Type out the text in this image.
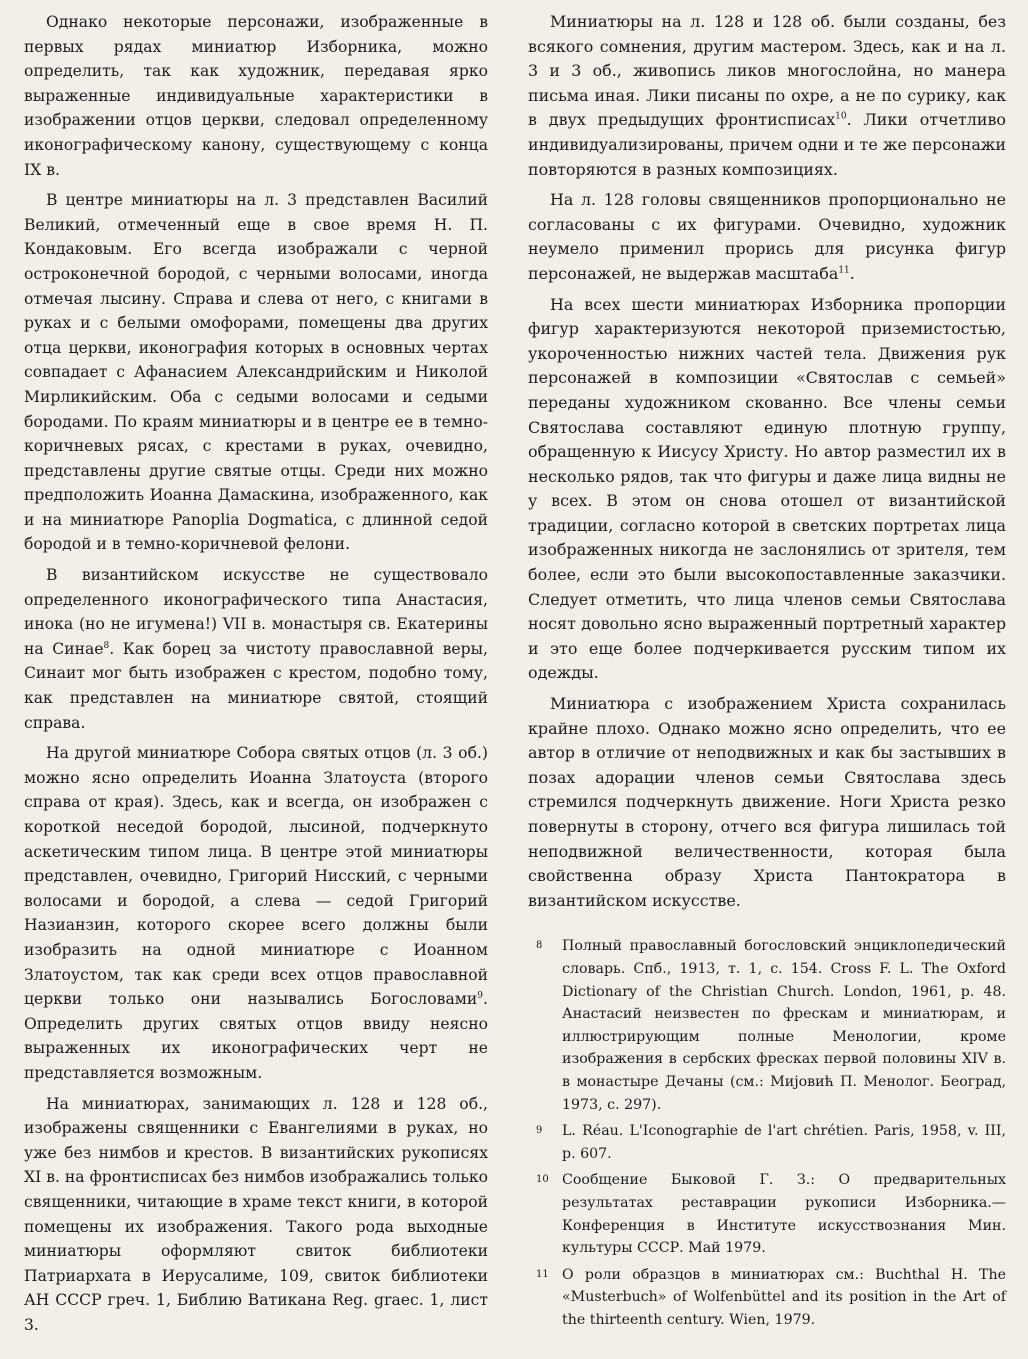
Однако некоторые персонажи, изображенные в первых рядах миниатюр Изборника, можно определить, так как художник, передавая ярко выраженные индивидуальные характеристики в изображении отцов церкви, следовал определенному иконографическому канону, существующему с конца IX в.

В центре миниатюры на л. 3 представлен Василий Великий, отмеченный еще в свое время Н. П. Кондаковым. Его всегда изображали с черной остроконечной бородой, с черными волосами, иногда отмечая лысину. Справа и слева от него, с книгами в руках и с белыми омофорами, помещены два других отца церкви, иконография которых в основных чертах совпадает с Афанасием Александрийским и Николой Мирликийским. Оба с седыми волосами и седыми бородами. По краям миниатюры и в центре ее в темно-коричневых рясах, с крестами в руках, очевидно, представлены другие святые отцы. Среди них можно предположить Иоанна Дамаскина, изображенного, как и на миниатюре Panoplia Dogmatica, с длинной седой бородой и в темно-коричневой фелони.

В византийском искусстве не существовало определенного иконографического типа Анастасия, инока (но не игумена!) VII в. монастыря св. Екатерины на Синае$^8$. Как борец за чистоту православной веры, Синаит мог быть изображен с крестом, подобно тому, как представлен на миниатюре святой, стоящий справа.

На другой миниатюре Собора святых отцов (л. 3 об.) можно ясно определить Иоанна Златоуста (второго справа от края). Здесь, как и всегда, он изображен с короткой неседой бородой, лысиной, подчеркнуто аскетическим типом лица. В центре этой миниатюры представлен, очевидно, Григорий Нисский, с черными волосами и бородой, а слева — седой Григорий Назианзин, которого скорее всего должны были изобразить на одной миниатюре с Иоанном Златоустом, так как среди всех отцов православной церкви только они назывались Богословами$^9$. Определить других святых отцов ввиду неясно выраженных их иконографических черт не представляется возможным.

На миниатюрах, занимающих л. 128 и 128 об., изображены священники с Евангелиями в руках, но уже без нимбов и крестов. В византийских рукописях XI в. на фронтисписах без нимбов изображались только священники, читающие в храме текст книги, в которой помещены их изображения. Такого рода выходные миниатюры оформляют свиток библиотеки Патриархата в Иерусалиме, 109, свиток библиотеки АН СССР греч. 1, Библию Ватикана Reg. graec. 1, лист 3.

Миниатюры на л. 128 и 128 об. были созданы, без всякого сомнения, другим мастером. Здесь, как и на л. 3 и 3 об., живопись ликов многослойна, но манера письма иная. Лики писаны по охре, а не по сурику, как в двух предыдущих фронтисписах$^{10}$. Лики отчетливо индивидуализированы, причем одни и те же персонажи повторяются в разных композициях.

На л. 128 головы священников пропорционально не согласованы с их фигурами. Очевидно, художник неумело применил прорись для рисунка фигур персонажей, не выдержав масштаба$^{11}$.

На всех шести миниатюрах Изборника пропорции фигур характеризуются некоторой приземистостью, укороченностью нижних частей тела. Движения рук персонажей в композиции «Святослав с семьей» переданы художником скованно. Все члены семьи Святослава составляют единую плотную группу, обращенную к Иисусу Христу. Но автор разместил их в несколько рядов, так что фигуры и даже лица видны не у всех. В этом он снова отошел от византийской традиции, согласно которой в светских портретах лица изображенных никогда не заслонялись от зрителя, тем более, если это были высокопоставленные заказчики. Следует отметить, что лица членов семьи Святослава носят довольно ясно выраженный портретный характер и это еще более подчеркивается русским типом их одежды.

Миниатюра с изображением Христа сохранилась крайне плохо. Однако можно ясно определить, что ее автор в отличие от неподвижных и как бы застывших в позах адорации членов семьи Святослава здесь стремился подчеркнуть движение. Ноги Христа резко повернуты в сторону, отчего вся фигура лишилась той неподвижной величественности, которая была свойственна образу Христа Пантократора в византийском искусстве.

8	Полный православный богословский энциклопедический словарь. Спб., 1913, т. 1, с. 154. Cross F. L. The Oxford Dictionary of the Christian Church. London, 1961, p. 48. Анастасий неизвестен по фрескам и миниатюрам, и иллюстрирующим полные Менологии, кроме изображения в сербских фресках первой половины XIV в. в монастыре Дечаны (см.: Mијовић П. Менолог. Београд, 1973, с. 297).
9	L. Réau. L'Iconographie de l'art chrétien. Paris, 1958, v. III, p. 607.
10 Сообщение Быковой Г. З.: О предварительных результатах реставрации рукописи Изборника.— Конференция в Институте искусствознания Мин. культуры СССР. Май 1979.
11 О роли образцов в миниатюрах см.: Buchthal H. The «Musterbuch» of Wolfenbüttel and its position in the Art of the thirteenth century. Wien, 1979.
